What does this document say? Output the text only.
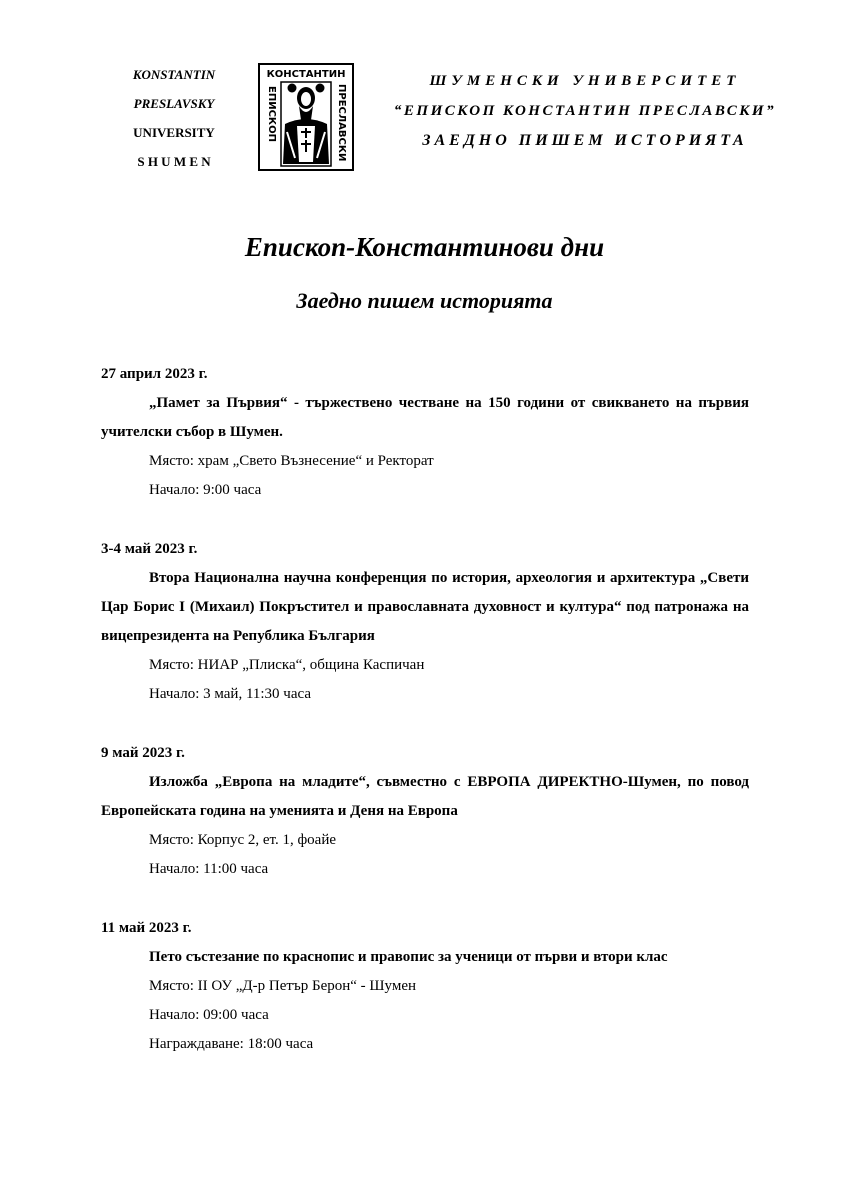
KONSTANTIN
PRESLAVSKY
UNIVERSITY
S H U M E N
КОНСТАНТИН
ЕПИСКОП	ПРЕСЛАВСКИ
ШУМЕНСКИ УНИВЕРСИТЕТ
“ЕПИСКОП КОНСТАНТИН ПРЕСЛАВСКИ”
ЗАЕДНО ПИШЕМ ИСТОРИЯТА
Епископ-Константинови дни
Заедно пишем историята
27 април 2023 г.

„Памет за Първия“ - тържествено честване на 150 години от свикването на първия учителски събор в Шумен.

Място: храм „Свето Възнесение“ и Ректорат
Начало: 9:00 часа
3-4 май 2023 г.

Втора Национална научна конференция по история, археология и архитектура „Свети Цар Борис I (Михаил) Покръстител и православната духовност и култура“ под патронажа на вицепрезидента на Република България

Място: НИАР „Плиска“, община Каспичан
Начало: 3 май, 11:30 часа
9 май 2023 г.

Изложба „Европа на младите“, съвместно с ЕВРОПА ДИРЕКТНО-Шумен, по повод Европейската година на уменията и Деня на Европа

Място: Корпус 2, ет. 1, фоайе
Начало: 11:00 часа
11 май 2023 г.

Пето състезание по краснопис и правопис за ученици от първи и втори клас

Място: II ОУ „Д-р Петър Берон“ - Шумен
Начало: 09:00 часа
Награждаване: 18:00 часа
